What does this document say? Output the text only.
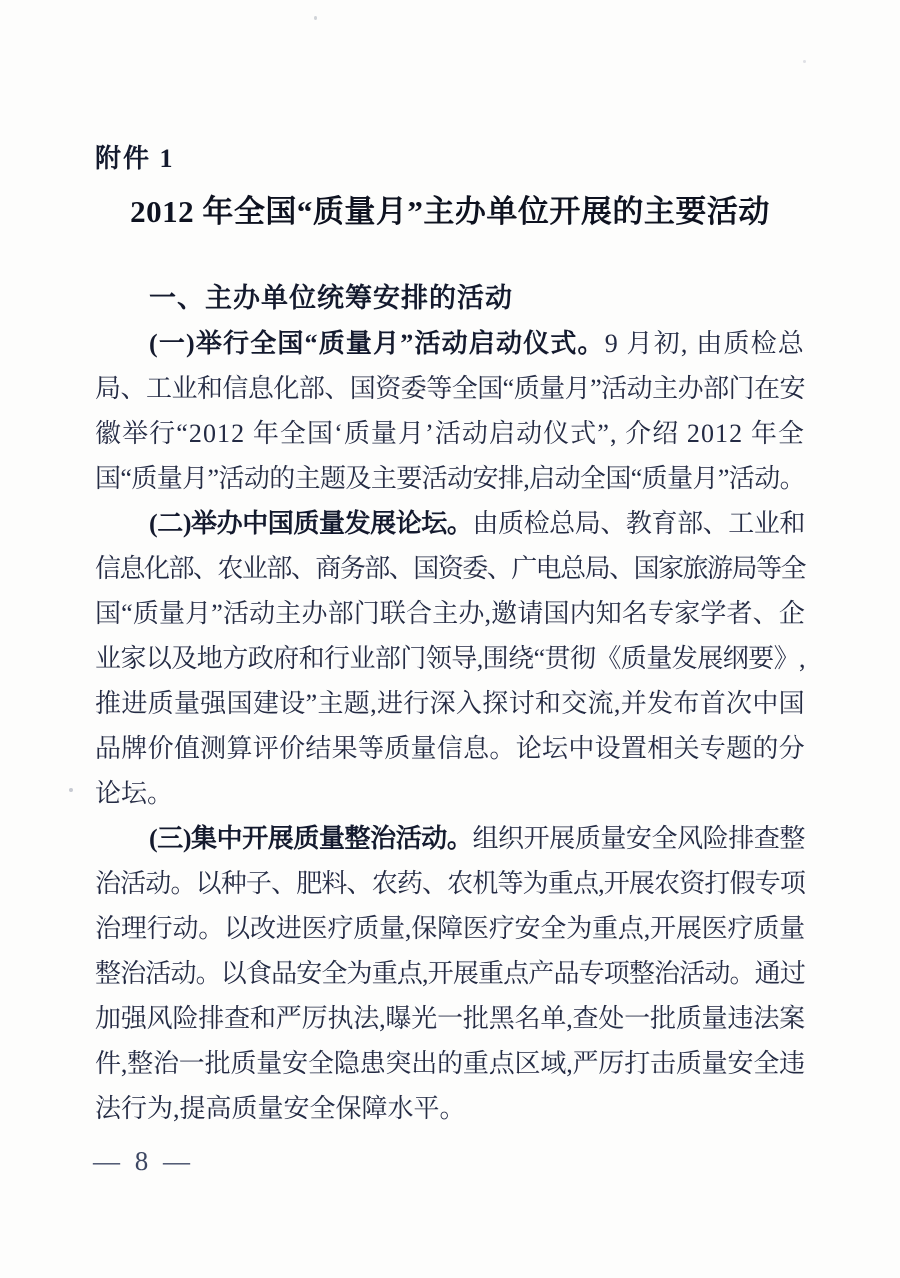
附件 1
2012 年全国“质量月”主办单位开展的主要活动
一、主办单位统筹安排的活动
(一)举行全国“质量月”活动启动仪式。9 月初, 由质检总
局、工业和信息化部、国资委等全国“质量月”活动主办部门在安
徽举行“2012 年全国‘质量月’活动启动仪式”, 介绍 2012 年全
国“质量月”活动的主题及主要活动安排,启动全国“质量月”活动。
(二)举办中国质量发展论坛。由质检总局、教育部、工业和
信息化部、农业部、商务部、国资委、广电总局、国家旅游局等全
国“质量月”活动主办部门联合主办,邀请国内知名专家学者、企
业家以及地方政府和行业部门领导,围绕“贯彻《质量发展纲要》,
推进质量强国建设”主题,进行深入探讨和交流,并发布首次中国
品牌价值测算评价结果等质量信息。论坛中设置相关专题的分
论坛。
(三)集中开展质量整治活动。组织开展质量安全风险排查整
治活动。以种子、肥料、农药、农机等为重点,开展农资打假专项
治理行动。以改进医疗质量,保障医疗安全为重点,开展医疗质量
整治活动。以食品安全为重点,开展重点产品专项整治活动。通过
加强风险排查和严厉执法,曝光一批黑名单,查处一批质量违法案
件,整治一批质量安全隐患突出的重点区域,严厉打击质量安全违
法行为,提高质量安全保障水平。
— 8 —
